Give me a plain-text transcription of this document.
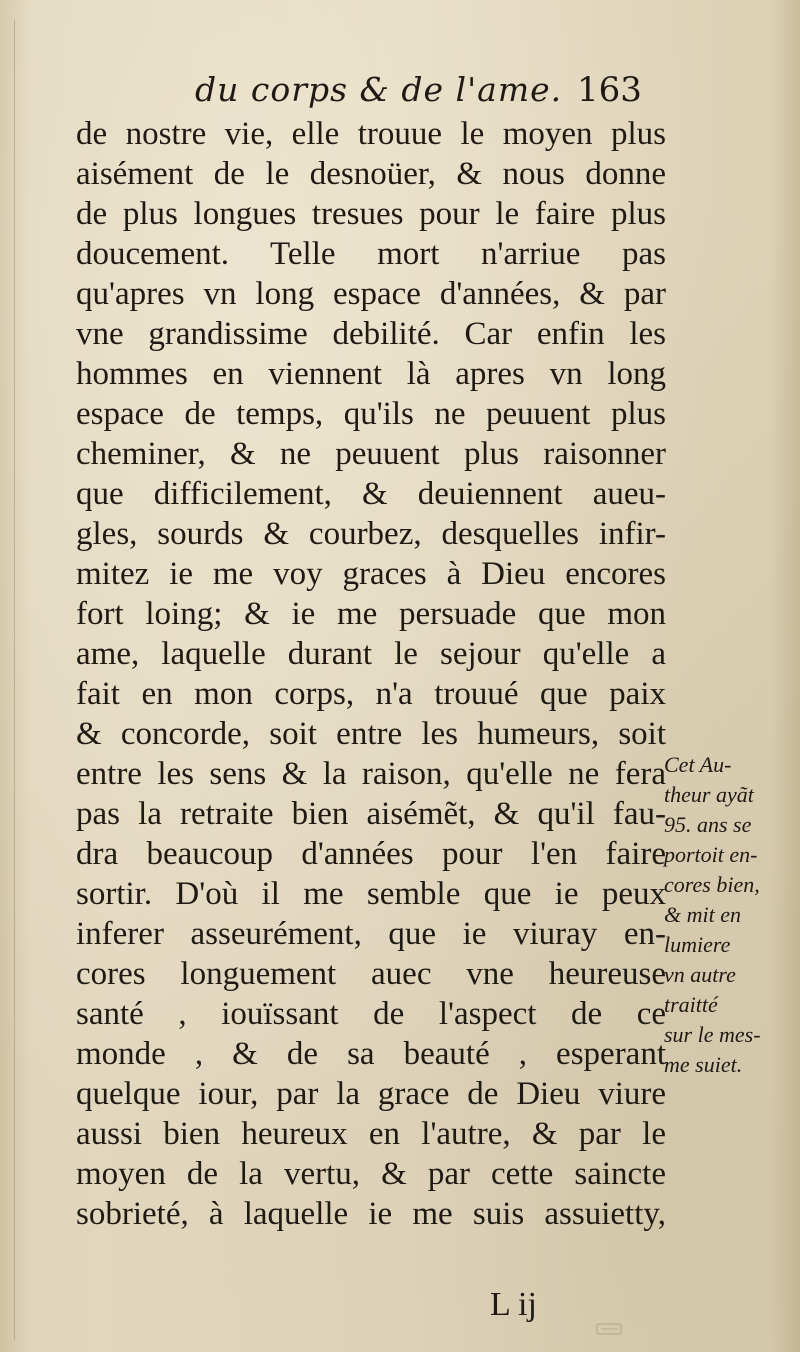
du corps & de l'ame. 163
de nostre vie, elle trouue le moyen plus
aisément de le desnoüer, & nous donne
de plus longues tresues pour le faire plus
doucement. Telle mort n'arriue pas
qu'apres vn long espace d'années, & par
vne grandissime debilité. Car enfin les
hommes en viennent là apres vn long
espace de temps, qu'ils ne peuuent plus
cheminer, & ne peuuent plus raisonner
que difficilement, & deuiennent aueu-
gles, sourds & courbez, desquelles infir-
mitez ie me voy graces à Dieu encores
fort loing; & ie me persuade que mon
ame, laquelle durant le sejour qu'elle a
fait en mon corps, n'a trouué que paix
& concorde, soit entre les humeurs, soit
entre les sens & la raison, qu'elle ne fera
pas la retraite bien aisémẽt, & qu'il fau-
dra beaucoup d'années pour l'en faire
sortir. D'où il me semble que ie peux
inferer asseurément, que ie viuray en-
cores longuement auec vne heureuse
santé , iouïssant de l'aspect de ce
monde , & de sa beauté , esperant
quelque iour, par la grace de Dieu viure
aussi bien heureux en l'autre, & par le
moyen de la vertu, & par cette saincte
sobrieté, à laquelle ie me suis assuietty,
Cet Au-
theur ayãt
95. ans se
portoit en-
cores bien,
& mit en
lumiere
vn autre
traitté
sur le mes-
me suiet.
L ij
